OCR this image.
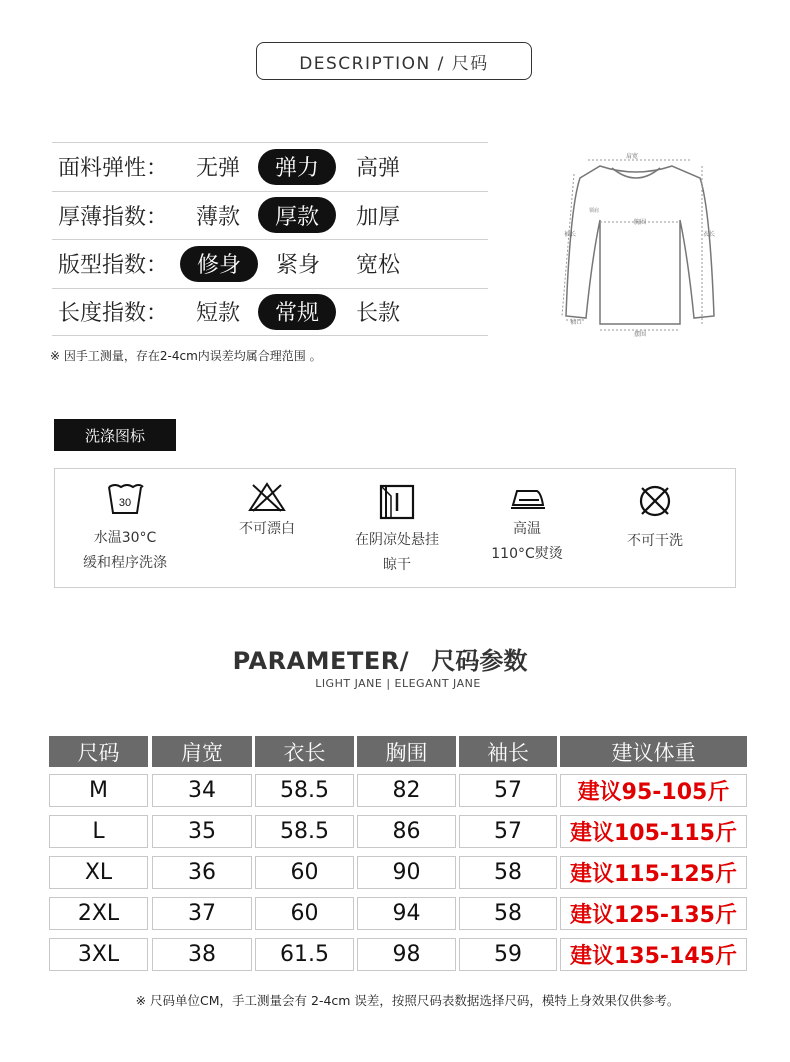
DESCRIPTION / 尺码
面料弹性： 无弹	弹力	高弹
厚薄指数： 薄款	厚款	加厚
版型指数：	修身	紧身 宽松
长度指数： 短款	常规	长款
※ 因手工测量，存在2-4cm内误差均属合理范围 。
肩宽
胸围
衣长
袖长
领肩
袖口
摆围
洗涤图标
30
水温30°C
缓和程序洗涤
不可漂白
在阴凉处悬挂
晾干
高温
110°C熨烫
不可干洗
PARAMETER/ 尺码参数
LIGHT JANE | ELEGANT JANE
尺码	肩宽	衣长	胸围	袖长	建议体重
M	34	58.5	82	57	建议95-105斤
L	35	58.5	86	57	建议105-115斤
XL	36	60	90	58	建议115-125斤
2XL	37	60	94	58	建议125-135斤
3XL	38	61.5	98	59	建议135-145斤
※ 尺码单位CM，手工测量会有 2-4cm 误差，按照尺码表数据选择尺码，模特上身效果仅供参考。
